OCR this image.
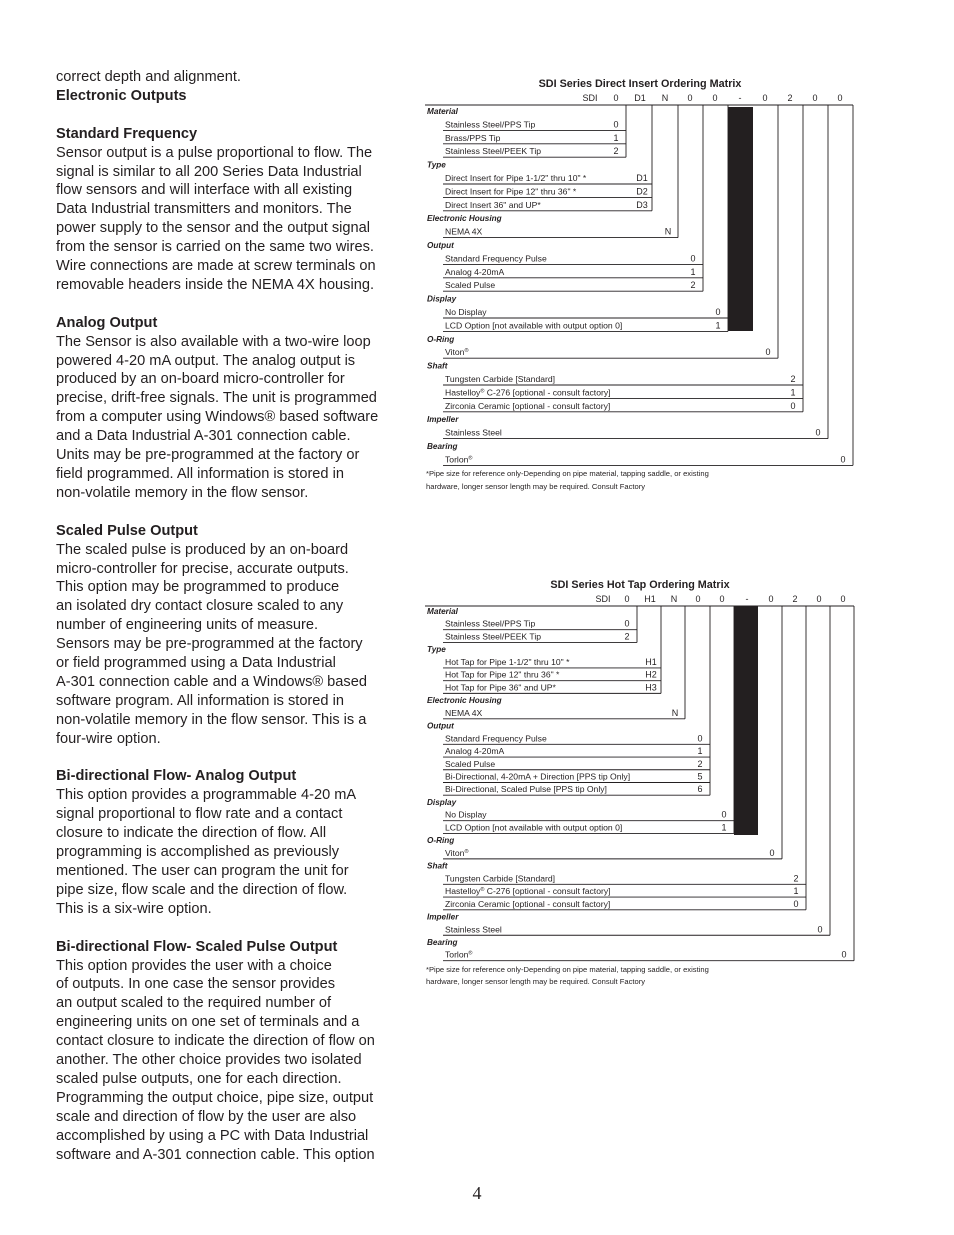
correct depth and alignment.

Electronic Outputs

Standard Frequency

Sensor output is a pulse proportional to flow. The

signal is similar to all 200 Series Data Industrial

flow sensors and will interface with all existing

Data Industrial transmitters and monitors. The

power supply to the sensor and the output signal

from the sensor is carried on the same two wires.

Wire connections are made at screw terminals on

removable headers inside the NEMA 4X housing.

Analog Output

The Sensor is also available with a two-wire loop

powered 4-20 mA output. The analog output is

produced by an on-board micro-controller for

precise, drift-free signals. The unit is programmed

from a computer using Windows® based software

and a Data Industrial A-301 connection cable.

Units may be pre-programmed at the factory or

field programmed. All information is stored in

non-volatile memory in the flow sensor.

Scaled Pulse Output

The scaled pulse is produced by an on-board

micro-controller for precise, accurate outputs.

This option may be programmed to produce

an isolated dry contact closure scaled to any

number of engineering units of measure.

Sensors may be pre-programmed at the factory

or field programmed using a Data Industrial

A-301 connection cable and a Windows® based

software program. All information is stored in

non-volatile memory in the flow sensor. This is a

four-wire option.

Bi-directional Flow- Analog Output

This option provides a programmable 4-20 mA

signal proportional to flow rate and a contact

closure to indicate the direction of flow. All

programming is accomplished as previously

mentioned. The user can program the unit for

pipe size, flow scale and the direction of flow.

This is a six-wire option.

Bi-directional Flow- Scaled Pulse Output

This option provides the user with a choice

of outputs. In one case the sensor provides

an output scaled to the required number of

engineering units on one set of terminals and a

contact closure to indicate the direction of flow on

another. The other choice provides two isolated

scaled pulse outputs, one for each direction.

Programming the output choice, pipe size, output

scale and direction of flow by the user are also

accomplished by using a PC with Data Industrial

software and A-301 connection cable. This option

SDI Series Direct Insert Ordering Matrix
SDI 0 D1 N 0 0 - 0 2 0 0
Material
Stainless Steel/PPS Tip	0
Brass/PPS Tip	1
Stainless Steel/PEEK Tip	2
Type
Direct Insert for Pipe 1-1/2" thru 10" *	D1
Direct Insert for Pipe 12" thru 36" *	D2
Direct Insert 36" and UP*	D3
Electronic Housing
NEMA 4X	N
Output
Standard Frequency Pulse	0
Analog 4-20mA	1
Scaled Pulse	2
Display
No Display	0
LCD Option [not available with output option 0]	1
O-Ring
Viton®	0
Shaft
Tungsten Carbide [Standard]	2
Hastelloy® C-276 [optional - consult factory]	1
Zirconia Ceramic [optional - consult factory]	0
Impeller
Stainless Steel	0
Bearing
Torlon®	0
*Pipe size for reference only-Depending on pipe material, tapping saddle, or existing
hardware, longer sensor length may be required. Consult Factory
SDI Series Hot Tap Ordering Matrix
SDI 0 H1 N 0 0 - 0 2 0 0
Material
Stainless Steel/PPS Tip	0
Stainless Steel/PEEK Tip	2
Type
Hot Tap for Pipe 1-1/2" thru 10" *	H1
Hot Tap for Pipe 12" thru 36" *	H2
Hot Tap for Pipe 36" and UP*	H3
Electronic Housing
NEMA 4X	N
Output
Standard Frequency Pulse	0
Analog 4-20mA	1
Scaled Pulse	2
Bi-Directional, 4-20mA + Direction [PPS tip Only]	5
Bi-Directional, Scaled Pulse [PPS tip Only]	6
Display
No Display	0
LCD Option [not available with output option 0]	1
O-Ring
Viton®	0
Shaft
Tungsten Carbide [Standard]	2
Hastelloy® C-276 [optional - consult factory]	1
Zirconia Ceramic [optional - consult factory]	0
Impeller
Stainless Steel	0
Bearing
Torlon®	0
*Pipe size for reference only-Depending on pipe material, tapping saddle, or existing
hardware, longer sensor length may be required. Consult Factory
4
